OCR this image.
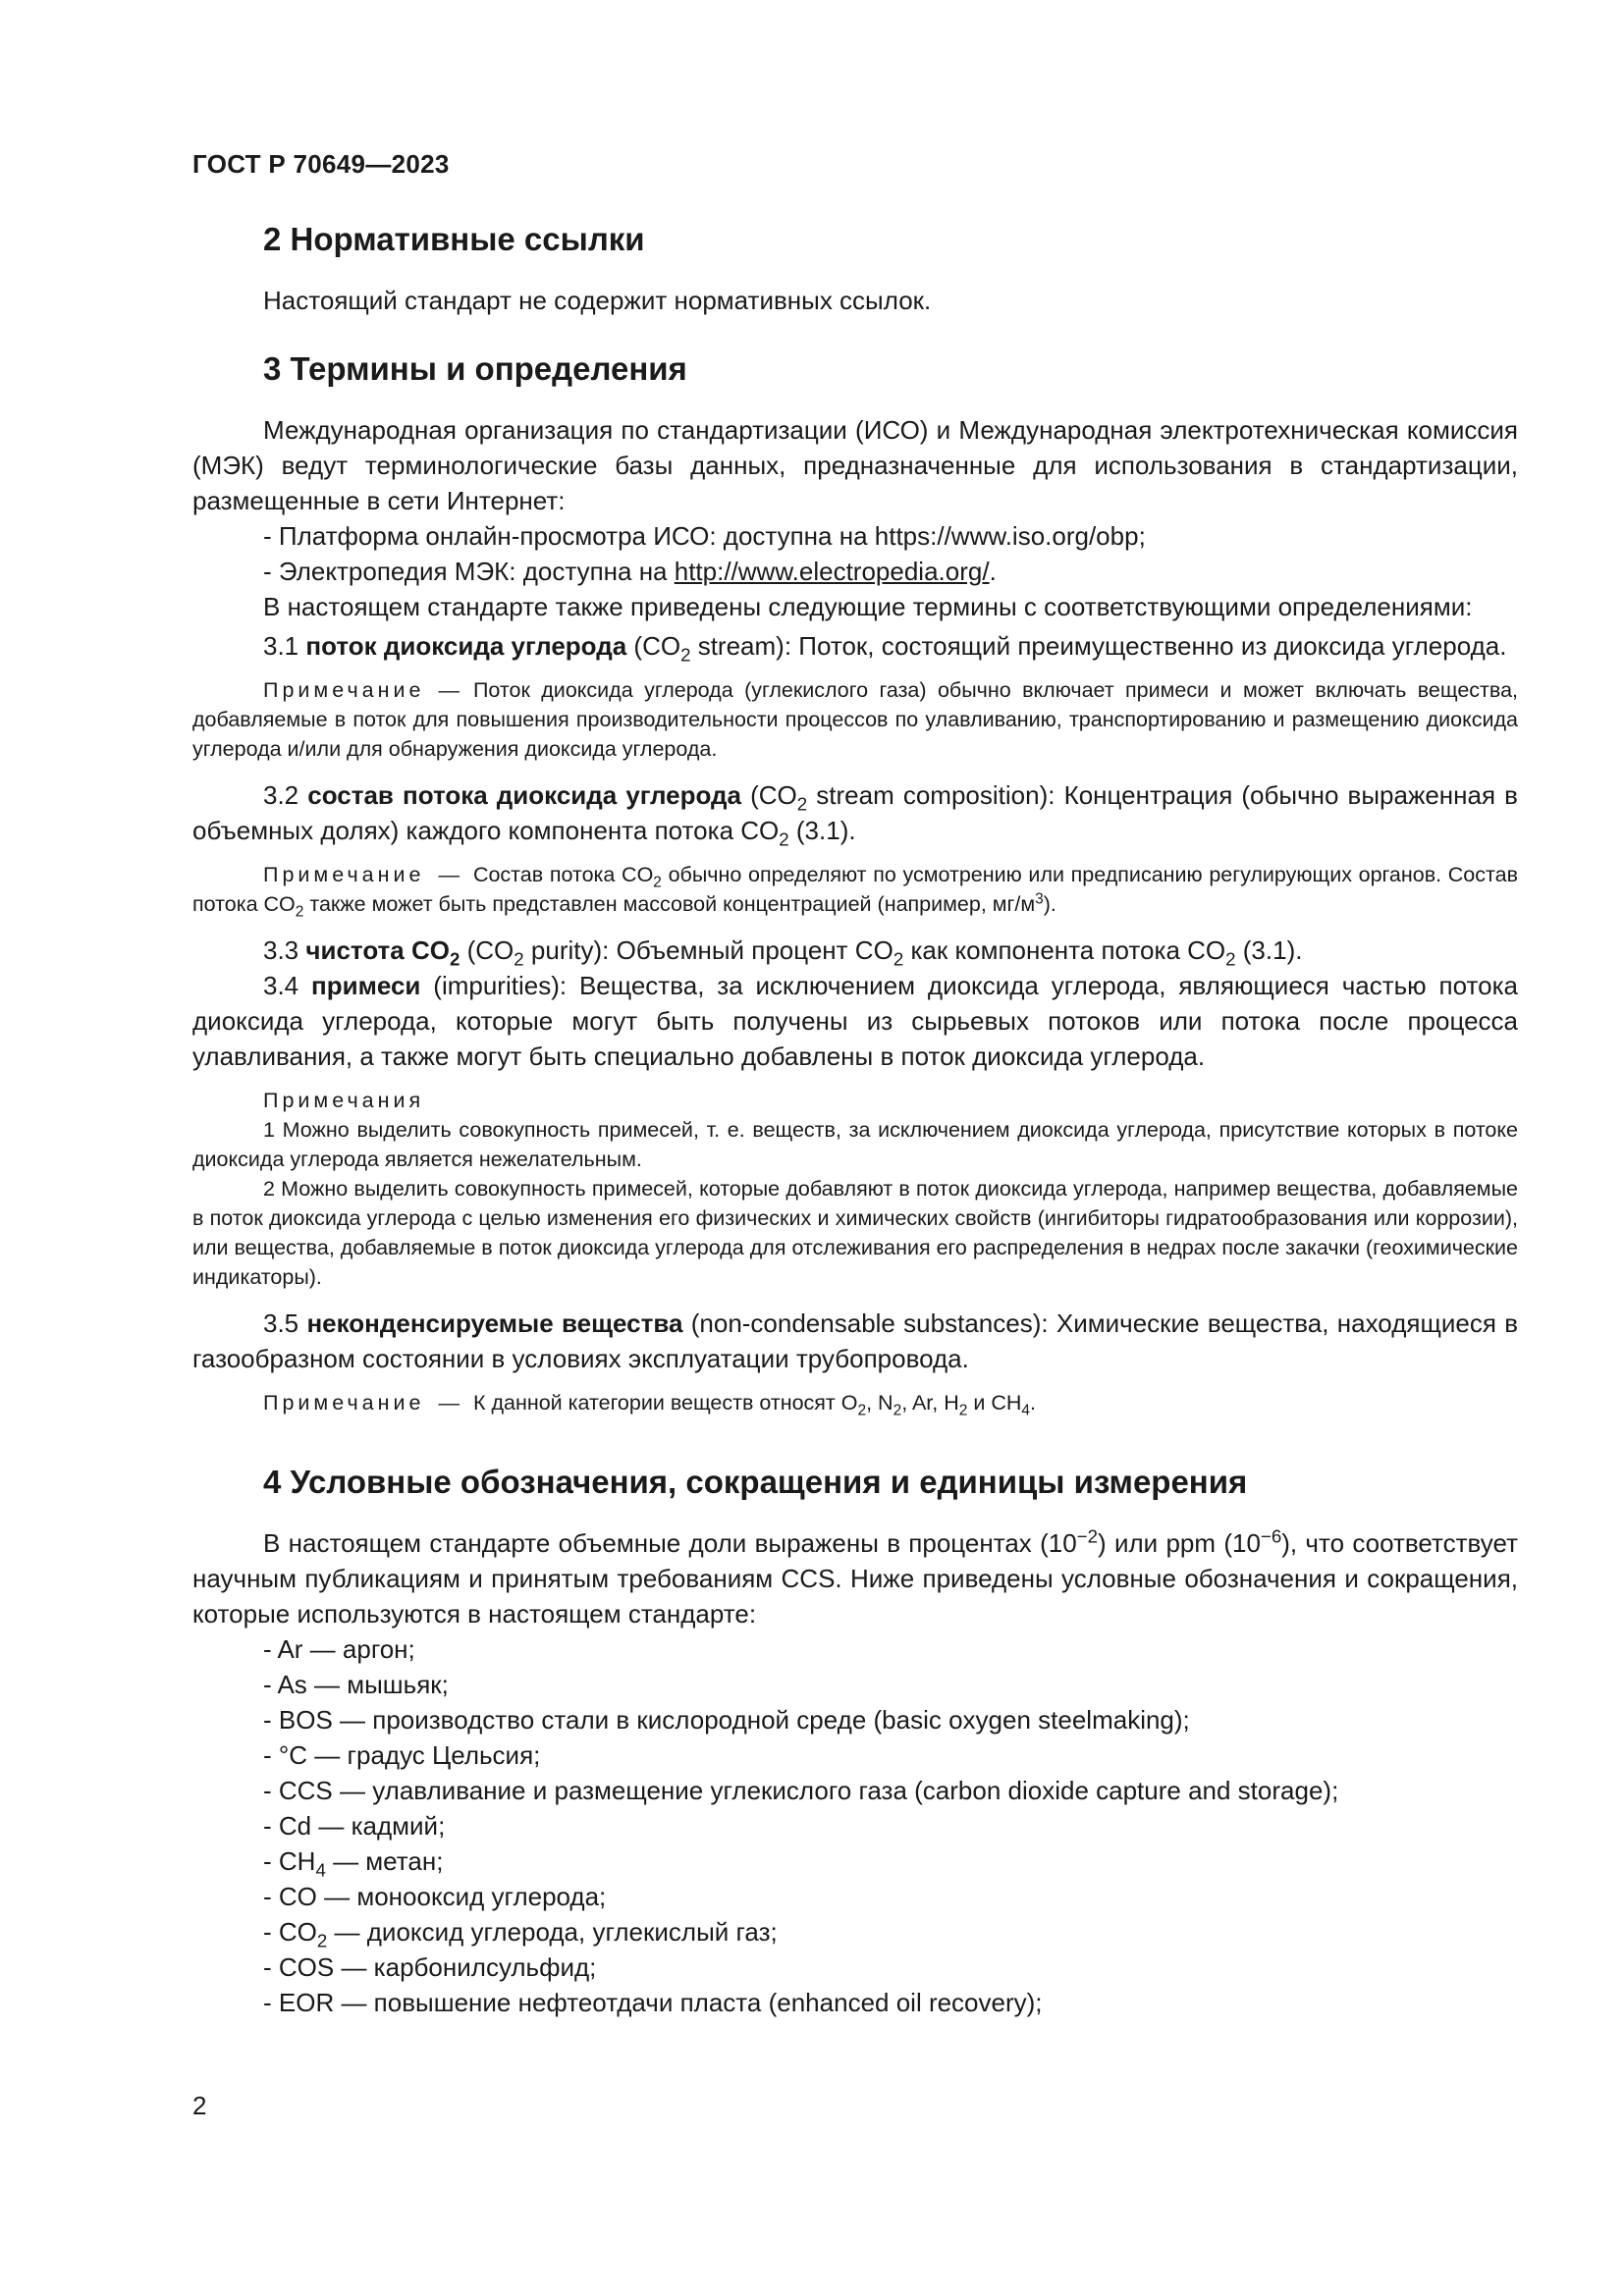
ГОСТ Р 70649—2023
2 Нормативные ссылки

Настоящий стандарт не содержит нормативных ссылок.

3 Термины и определения

Международная организация по стандартизации (ИСО) и Международная электротехническая комиссия (МЭК) ведут терминологические базы данных, предназначенные для использования в стандартизации, размещенные в сети Интернет:

- Платформа онлайн-просмотра ИСО: доступна на https://www.iso.org/obp;

- Электропедия МЭК: доступна на http://www.electropedia.org/.

В настоящем стандарте также приведены следующие термины с соответствующими определениями:

3.1 поток диоксида углерода ($CO_2$ stream): Поток, состоящий преимущественно из диоксида углерода.

Примечание — Поток диоксида углерода (углекислого газа) обычно включает примеси и может включать вещества, добавляемые в поток для повышения производительности процессов по улавливанию, транспортированию и размещению диоксида углерода и/или для обнаружения диоксида углерода.

3.2 состав потока диоксида углерода ($CO_2$ stream composition): Концентрация (обычно выраженная в объемных долях) каждого компонента потока $CO_2$ (3.1).

Примечание — Состав потока $CO_2$ обычно определяют по усмотрению или предписанию регулирующих органов. Состав потока $CO_2$ также может быть представлен массовой концентрацией (например, $мг/м^3$).

3.3 чистота $CO_2$ ($CO_2$ purity): Объемный процент $CO_2$ как компонента потока $CO_2$ (3.1).

3.4 примеси (impurities): Вещества, за исключением диоксида углерода, являющиеся частью потока диоксида углерода, которые могут быть получены из сырьевых потоков или потока после процесса улавливания, а также могут быть специально добавлены в поток диоксида углерода.

Примечания
1 Можно выделить совокупность примесей, т. е. веществ, за исключением диоксида углерода, присутствие которых в потоке диоксида углерода является нежелательным.
2 Можно выделить совокупность примесей, которые добавляют в поток диоксида углерода, например вещества, добавляемые в поток диоксида углерода с целью изменения его физических и химических свойств (ингибиторы гидратообразования или коррозии), или вещества, добавляемые в поток диоксида углерода для отслеживания его распределения в недрах после закачки (геохимические индикаторы).

3.5 неконденсируемые вещества (non-condensable substances): Химические вещества, находящиеся в газообразном состоянии в условиях эксплуатации трубопровода.

Примечание — К данной категории веществ относят $O_2$, $N_2$, Ar, $H_2$ и $CH_4$.
4 Условные обозначения, сокращения и единицы измерения

В настоящем стандарте объемные доли выражены в процентах $(10^{-2})$ или ppm $(10^{-6})$, что соответствует научным публикациям и принятым требованиям CCS. Ниже приведены условные обозначения и сокращения, которые используются в настоящем стандарте:

- Ar — аргон;

- As — мышьяк;

- BOS — производство стали в кислородной среде (basic oxygen steelmaking);

- °C — градус Цельсия;

- CCS — улавливание и размещение углекислого газа (carbon dioxide capture and storage);

- Cd — кадмий;

- $CH_4$ — метан;

- CO — монооксид углерода;

- $CO_2$ — диоксид углерода, углекислый газ;

- COS — карбонилсульфид;

- EOR — повышение нефтеотдачи пласта (enhanced oil recovery);

2
